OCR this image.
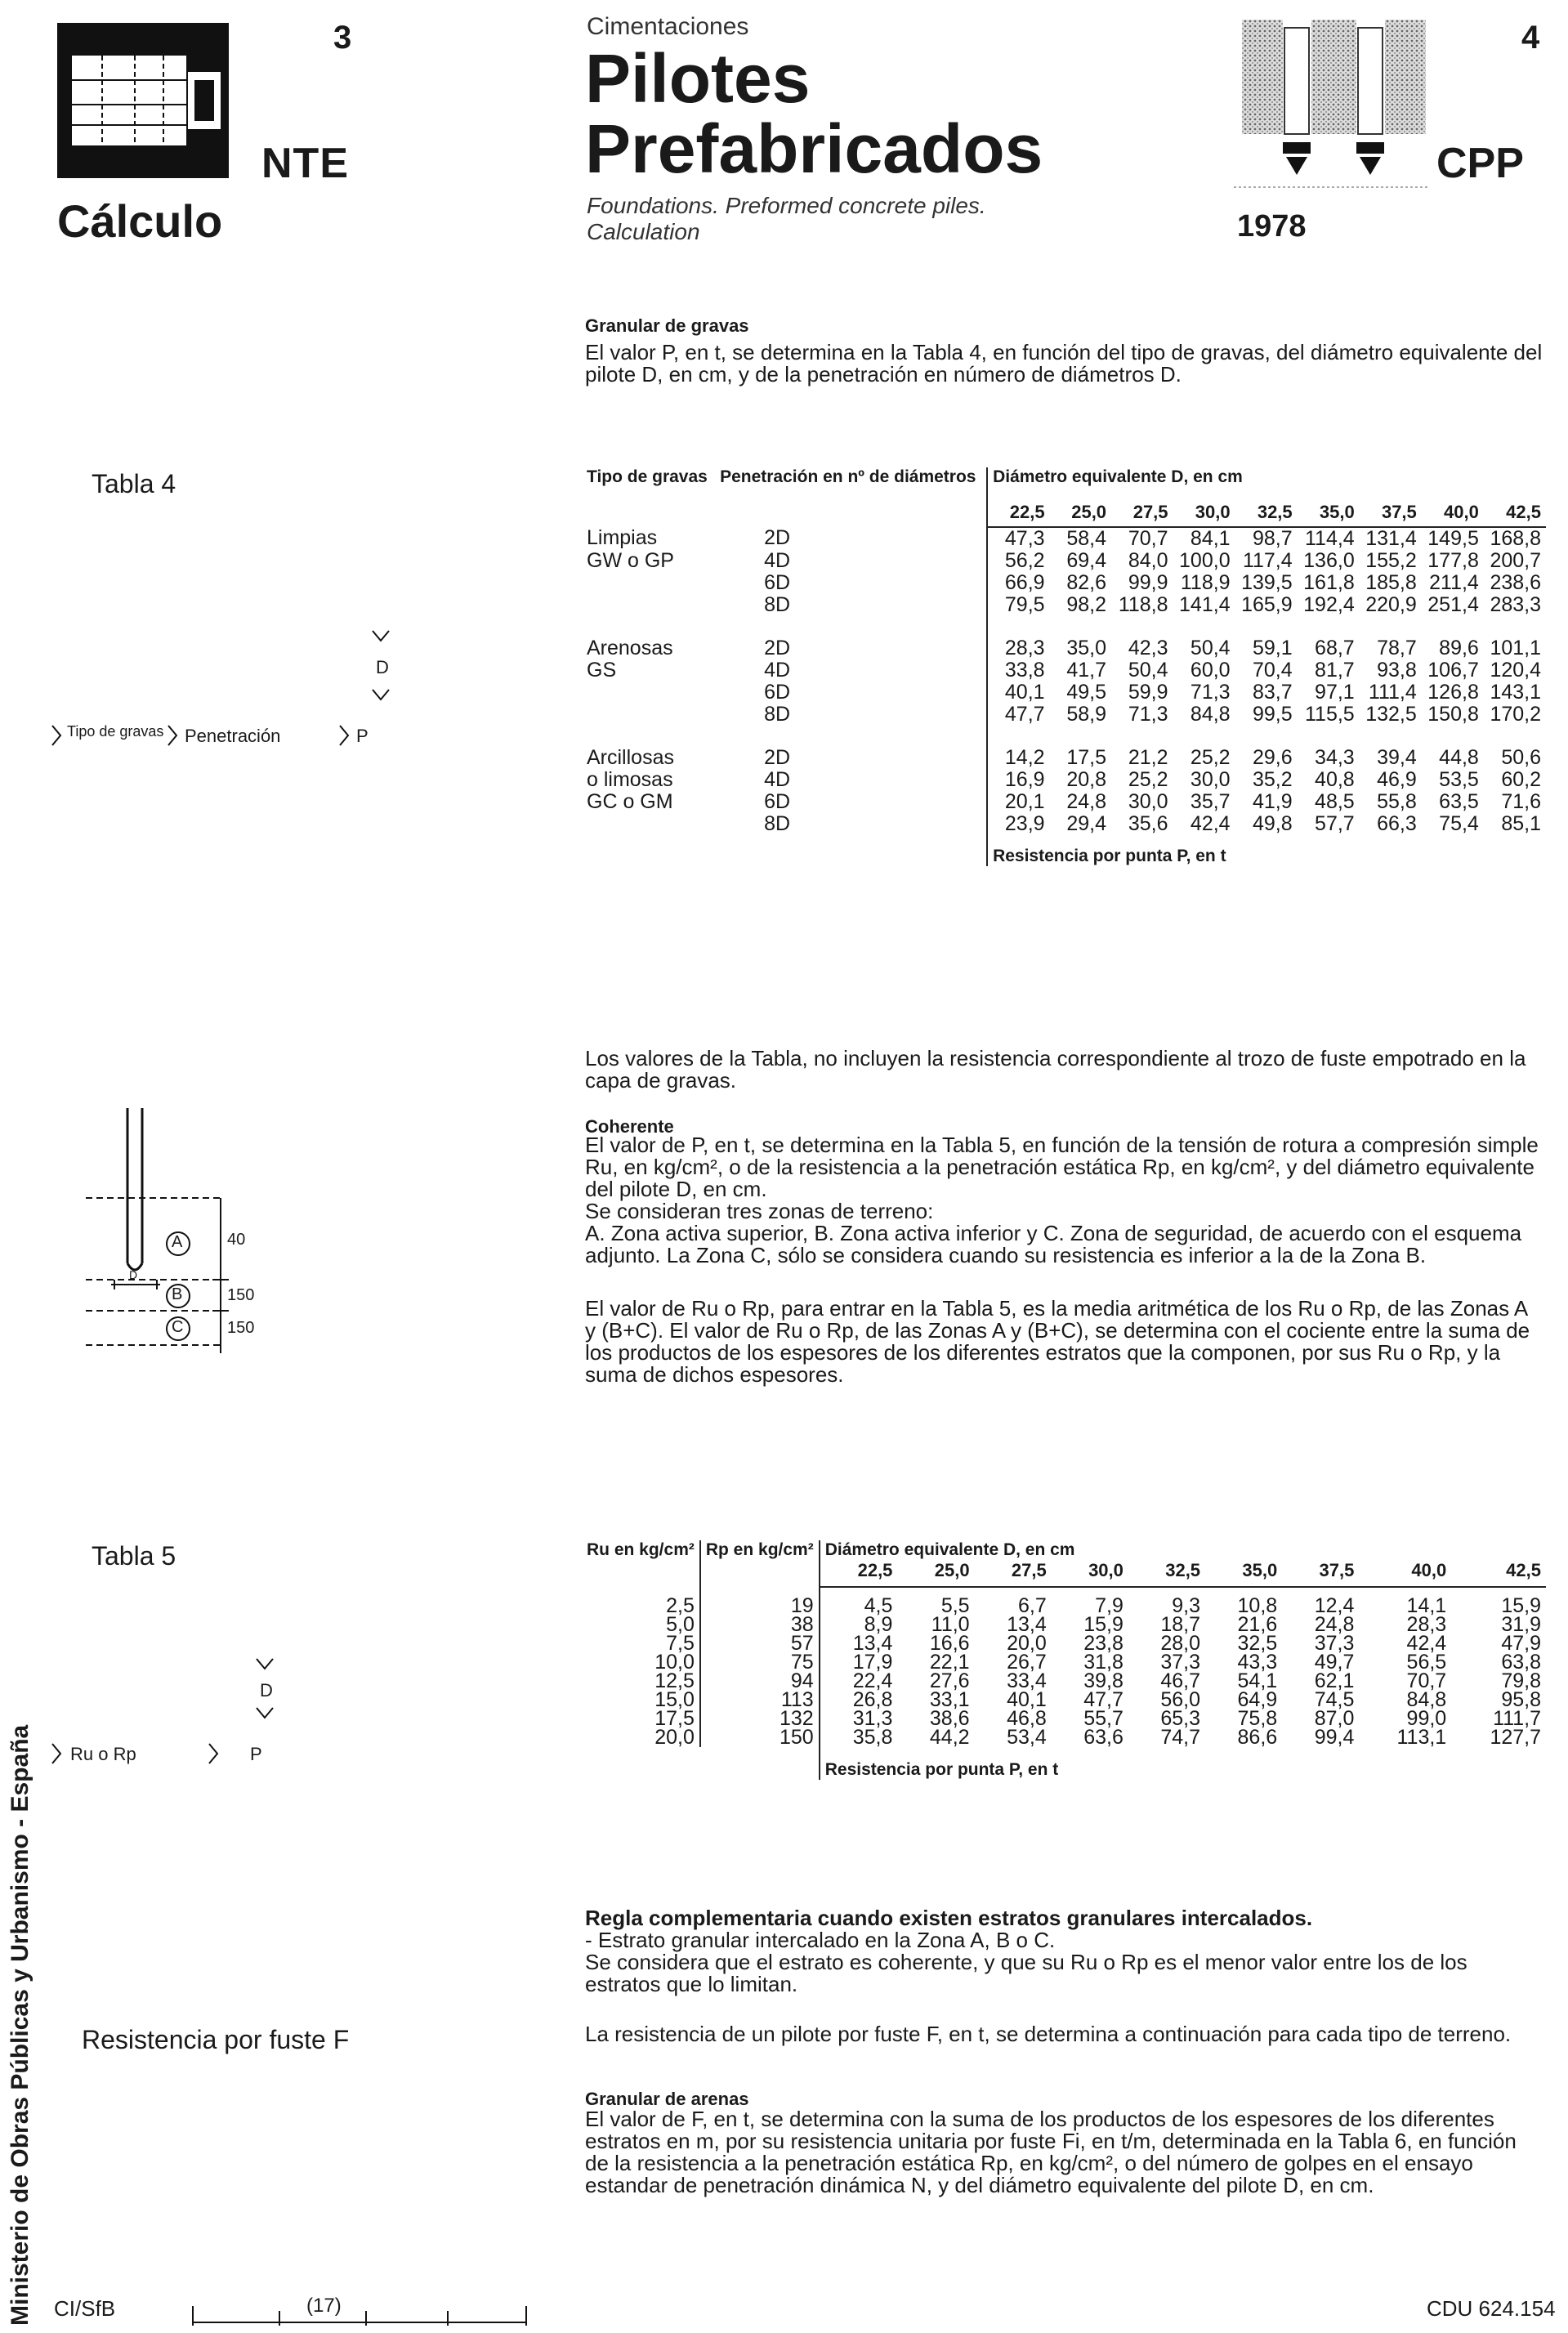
3
NTE
Cálculo
Cimentaciones
Pilotes
Prefabricados
Foundations. Preformed concrete piles.
Calculation
4
CPP
1978
Granular de gravas
El valor P, en t, se determina en la Tabla 4, en función del tipo de gravas, del diámetro equivalente del pilote D, en cm, y de la penetración en número de diámetros D.
Tabla 4
D
Tipo de gravas Penetración	P
Tipo de gravas	Penetración en nº de diámetros	Diámetro equivalente D, en cm								
		22,5	25,0	27,5	30,0	32,5	35,0	37,5	40,0	42,5
Limpias	2D	47,3	58,4	70,7	84,1	98,7	114,4	131,4	149,5	168,8
GW o GP	4D	56,2	69,4	84,0	100,0	117,4	136,0	155,2	177,8	200,7
	6D	66,9	82,6	99,9	118,9	139,5	161,8	185,8	211,4	238,6
	8D	79,5	98,2	118,8	141,4	165,9	192,4	220,9	251,4	283,3

Arenosas	2D	28,3	35,0	42,3	50,4	59,1	68,7	78,7	89,6	101,1
GS	4D	33,8	41,7	50,4	60,0	70,4	81,7	93,8	106,7	120,4
	6D	40,1	49,5	59,9	71,3	83,7	97,1	111,4	126,8	143,1
	8D	47,7	58,9	71,3	84,8	99,5	115,5	132,5	150,8	170,2

Arcillosas	2D	14,2	17,5	21,2	25,2	29,6	34,3	39,4	44,8	50,6
o limosas	4D	16,9	20,8	25,2	30,0	35,2	40,8	46,9	53,5	60,2
GC o GM	6D	20,1	24,8	30,0	35,7	41,9	48,5	55,8	63,5	71,6
	8D	23,9	29,4	35,6	42,4	49,8	57,7	66,3	75,4	85,1
		Resistencia por punta P, en t								
Los valores de la Tabla, no incluyen la resistencia correspondiente al trozo de fuste empotrado en la capa de gravas.
Coherente
El valor de P, en t, se determina en la Tabla 5, en función de la tensión de rotura a compresión simple Ru, en kg/cm², o de la resistencia a la penetración estática Rp, en kg/cm², y del diámetro equivalente del pilote D, en cm.
Se consideran tres zonas de terreno:
A. Zona activa superior, B. Zona activa inferior y C. Zona de seguridad, de acuerdo con el esquema adjunto. La Zona C, sólo se considera cuando su resistencia es inferior a la de la Zona B.
El valor de Ru o Rp, para entrar en la Tabla 5, es la media aritmética de los Ru o Rp, de las Zonas A y (B+C). El valor de Ru o Rp, de las Zonas A y (B+C), se determina con el cociente entre la suma de los productos de los espesores de los diferentes estratos que la componen, por sus Ru o Rp, y la suma de dichos espesores.
A
B
C
40
150
150
D
Tabla 5
D
Ru o Rp	P
Ru en kg/cm²	Rp en kg/cm²	Diámetro equivalente D, en cm								
		22,5	25,0	27,5	30,0	32,5	35,0	37,5	40,0	42,5

2,5	19	4,5	5,5	6,7	7,9	9,3	10,8	12,4	14,1	15,9
5,0	38	8,9	11,0	13,4	15,9	18,7	21,6	24,8	28,3	31,9
7,5	57	13,4	16,6	20,0	23,8	28,0	32,5	37,3	42,4	47,9
10,0	75	17,9	22,1	26,7	31,8	37,3	43,3	49,7	56,5	63,8
12,5	94	22,4	27,6	33,4	39,8	46,7	54,1	62,1	70,7	79,8
15,0	113	26,8	33,1	40,1	47,7	56,0	64,9	74,5	84,8	95,8
17,5	132	31,3	38,6	46,8	55,7	65,3	75,8	87,0	99,0	111,7
20,0	150	35,8	44,2	53,4	63,6	74,7	86,6	99,4	113,1	127,7
		Resistencia por punta P, en t								
Regla complementaria cuando existen estratos granulares intercalados.
- Estrato granular intercalado en la Zona A, B o C.
Se considera que el estrato es coherente, y que su Ru o Rp es el menor valor entre los de los estratos que lo limitan.
Resistencia por fuste F	La resistencia de un pilote por fuste F, en t, se determina a continuación para cada tipo de terreno.
Granular de arenas
El valor de F, en t, se determina con la suma de los productos de los espesores de los diferentes estratos en m, por su resistencia unitaria por fuste Fi, en t/m, determinada en la Tabla 6, en función de la resistencia a la penetración estática Rp, en kg/cm², o del número de golpes en el ensayo estandar de penetración dinámica N, y del diámetro equivalente del pilote D, en cm.
Ministerio de Obras Públicas y Urbanismo - España CI/SfB	(17)	CDU 624.154
